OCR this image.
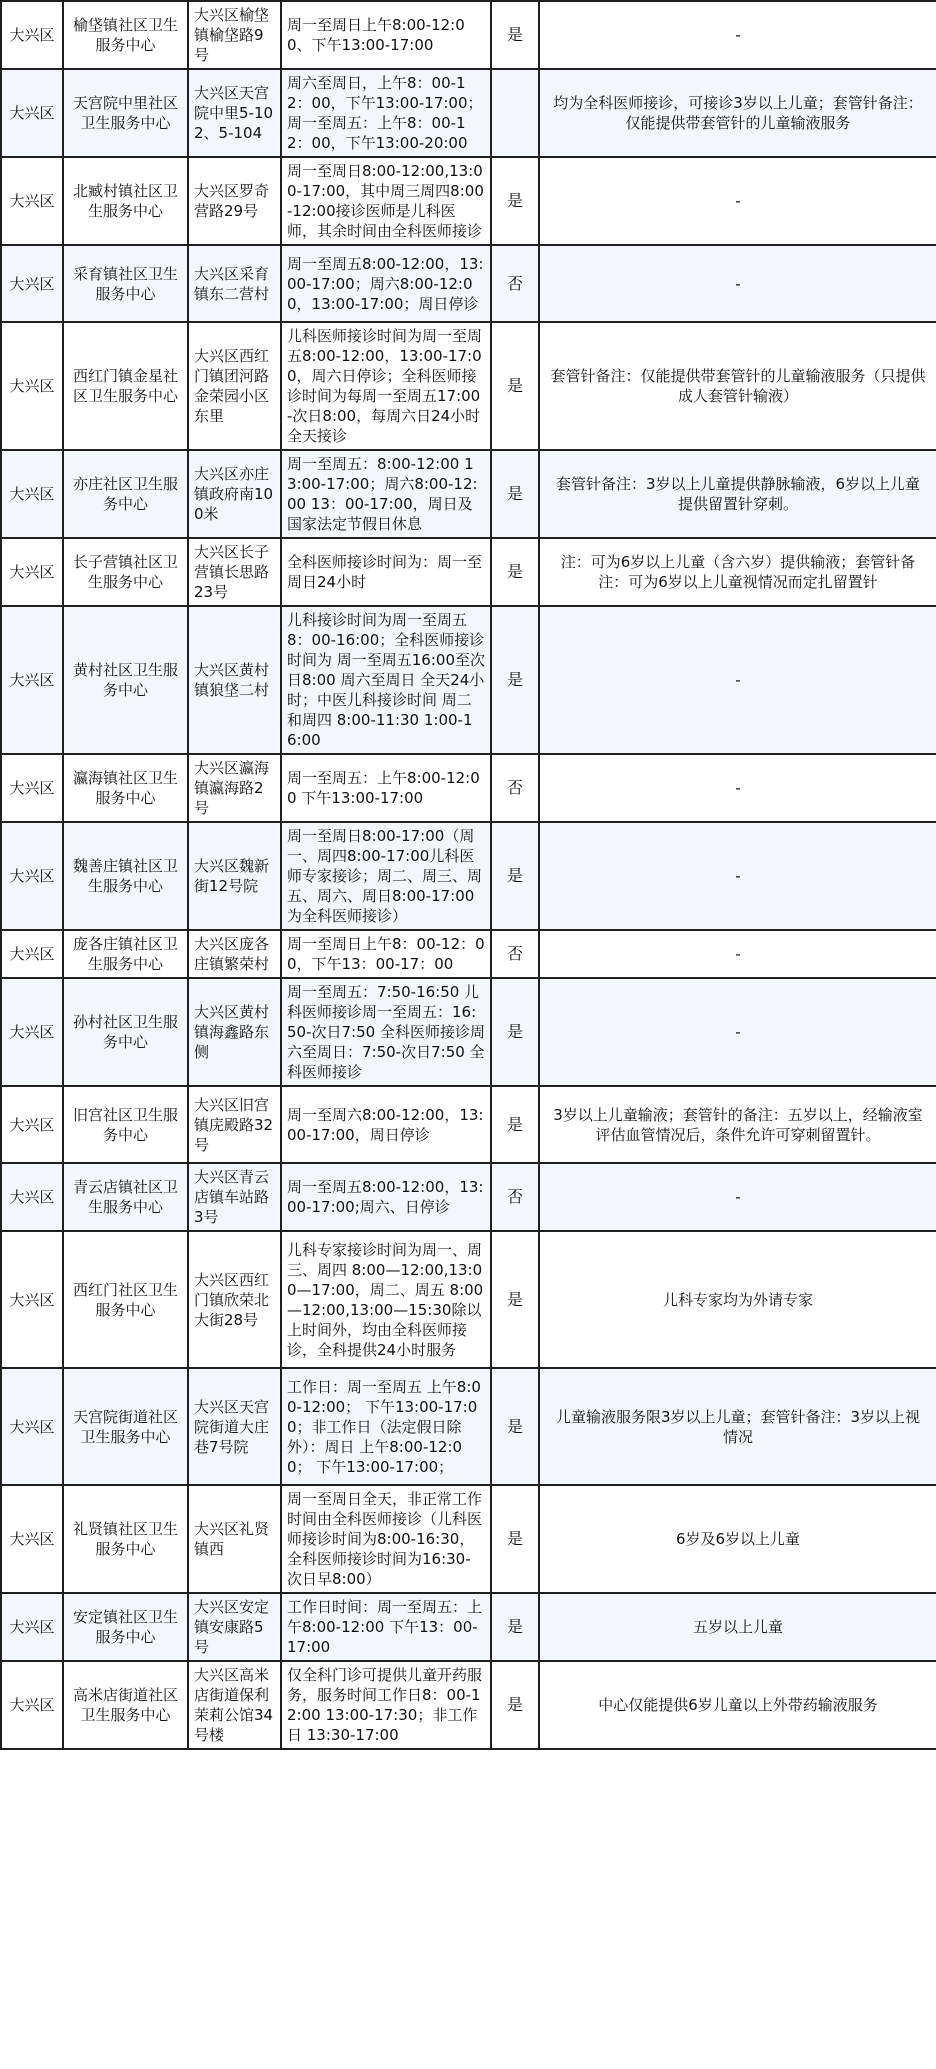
大兴区	榆垡镇社区卫生服务中心	大兴区榆垡镇榆垡路9号	周一至周日上午8:00-12:00、下午13:00-17:00	是	-
大兴区	天宫院中里社区卫生服务中心	大兴区天宫院中里5-102、5-104	周六至周日，上午8：00-12：00，下午13:00-17:00；周一至周五：上午8：00-12：00，下午13:00-20:00		均为全科医师接诊，可接诊3岁以上儿童；套管针备注：仅能提供带套管针的儿童输液服务
大兴区	北臧村镇社区卫生服务中心	大兴区罗奇营路29号	周一至周日8:00-12:00,13:00-17:00，其中周三周四8:00-12:00接诊医师是儿科医师，其余时间由全科医师接诊	是	-
大兴区	采育镇社区卫生服务中心	大兴区采育镇东二营村	周一至周五8:00-12:00，13:00-17:00；周六8:00-12:00，13:00-17:00；周日停诊	否	-
大兴区	西红门镇金星社区卫生服务中心	大兴区西红门镇团河路金荣园小区东里	儿科医师接诊时间为周一至周五8:00-12:00，13:00-17:00，周六日停诊；全科医师接诊时间为每周一至周五17:00-次日8:00，每周六日24小时全天接诊	是	套管针备注：仅能提供带套管针的儿童输液服务（只提供成人套管针输液）
大兴区	亦庄社区卫生服务中心	大兴区亦庄镇政府南100米	周一至周五：8:00-12:00 13:00-17:00；周六8:00-12:00 13：00-17:00，周日及国家法定节假日休息	是	套管针备注：3岁以上儿童提供静脉输液，6岁以上儿童提供留置针穿刺。
大兴区	长子营镇社区卫生服务中心	大兴区长子营镇长思路23号	全科医师接诊时间为：周一至周日24小时	是	注：可为6岁以上儿童（含六岁）提供输液；套管针备注：可为6岁以上儿童视情况而定扎留置针
大兴区	黄村社区卫生服务中心	大兴区黄村镇狼垡二村	儿科接诊时间为周一至周五8：00-16:00；全科医师接诊时间为 周一至周五16:00至次日8:00 周六至周日 全天24小时；中医儿科接诊时间 周二和周四 8:00-11:30 1:00-16:00	是	-
大兴区	瀛海镇社区卫生服务中心	大兴区瀛海镇瀛海路2号	周一至周五：上午8:00-12:00 下午13:00-17:00	否	-
大兴区	魏善庄镇社区卫生服务中心	大兴区魏新街12号院	周一至周日8:00-17:00（周一、周四8:00-17:00儿科医师专家接诊；周二、周三、周五、周六、周日8:00-17:00为全科医师接诊）	是	-
大兴区	庞各庄镇社区卫生服务中心	大兴区庞各庄镇繁荣村	周一至周日上午8：00-12：00，下午13：00-17：00	否	-
大兴区	孙村社区卫生服务中心	大兴区黄村镇海鑫路东侧	周一至周五：7:50-16:50 儿科医师接诊周一至周五：16:50-次日7:50 全科医师接诊周六至周日：7:50-次日7:50 全科医师接诊	是	-
大兴区	旧宫社区卫生服务中心	大兴区旧宫镇庑殿路32号	周一至周六8:00-12:00，13:00-17:00，周日停诊	是	3岁以上儿童输液；套管针的备注：五岁以上，经输液室评估血管情况后，条件允许可穿刺留置针。
大兴区	青云店镇社区卫生服务中心	大兴区青云店镇车站路3号	周一至周五8:00-12:00，13:00-17:00;周六、日停诊	否	-
大兴区	西红门社区卫生服务中心	大兴区西红门镇欣荣北大街28号	儿科专家接诊时间为周一、周三、周四 8:00—12:00,13:00—17:00，周二、周五 8:00—12:00,13:00—15:30除以上时间外，均由全科医师接诊，全科提供24小时服务	是	儿科专家均为外请专家
大兴区	天宫院街道社区卫生服务中心	大兴区天宫院街道大庄巷7号院	工作日：周一至周五 上午8:00-12:00； 下午13:00-17:00；非工作日（法定假日除外）：周日 上午8:00-12:00； 下午13:00-17:00；	是	儿童输液服务限3岁以上儿童；套管针备注：3岁以上视情况
大兴区	礼贤镇社区卫生服务中心	大兴区礼贤镇西	周一至周日全天，非正常工作时间由全科医师接诊（儿科医师接诊时间为8:00-16:30，全科医师接诊时间为16:30-次日早8:00）	是	6岁及6岁以上儿童
大兴区	安定镇社区卫生服务中心	大兴区安定镇安康路5号	工作日时间：周一至周五：上午8:00-12:00 下午13：00-17:00	是	五岁以上儿童
大兴区	高米店街道社区卫生服务中心	大兴区高米店街道保利茉莉公馆34号楼	仅全科门诊可提供儿童开药服务，服务时间工作日8：00-12:00 13:00-17:30；非工作日 13:30-17:00	是	中心仅能提供6岁儿童以上外带药输液服务
